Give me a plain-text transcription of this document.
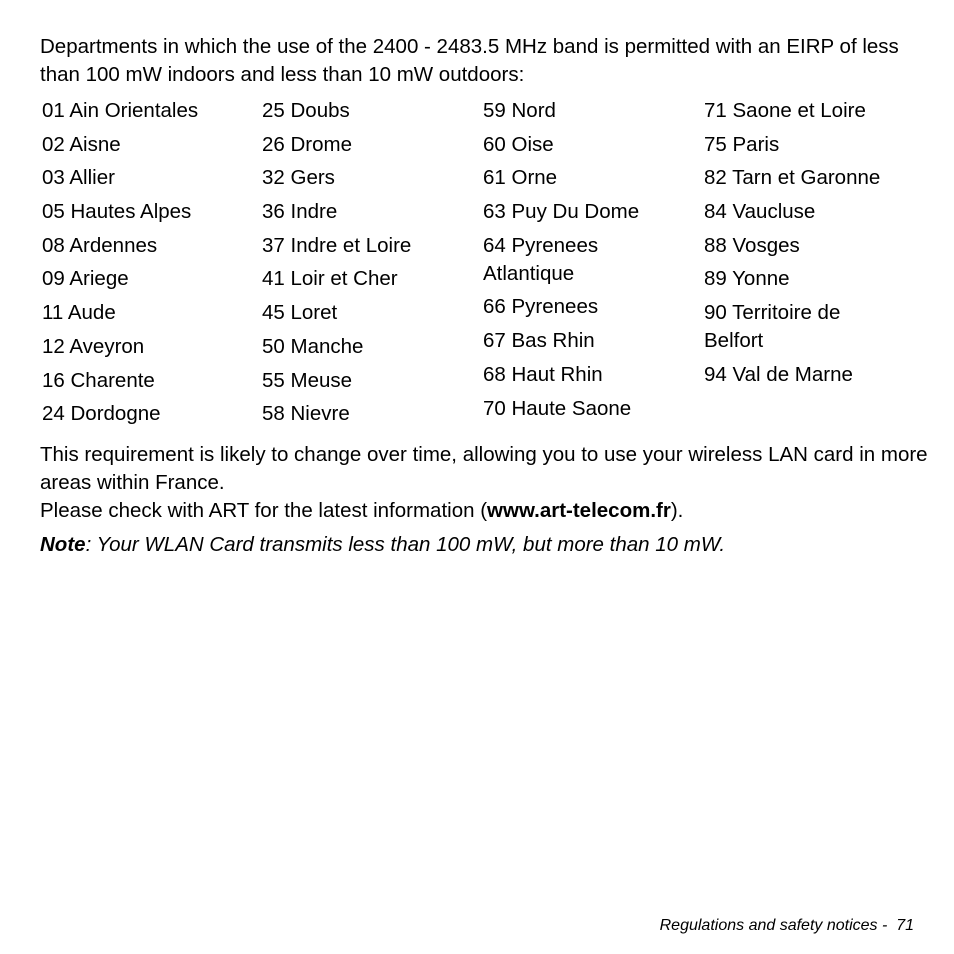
Departments in which the use of the 2400 - 2483.5 MHz band is permitted with an EIRP of less than 100 mW indoors and less than 10 mW outdoors:

01 Ain Orientales
02 Aisne
03 Allier
05 Hautes Alpes
08 Ardennes
09 Ariege
11 Aude
12 Aveyron
16 Charente
24 Dordogne
25 Doubs
26 Drome
32 Gers
36 Indre
37 Indre et Loire
41 Loir et Cher
45 Loret
50 Manche
55 Meuse
58 Nievre
59 Nord
60 Oise
61 Orne
63 Puy Du Dome
64 Pyrenees Atlantique
66 Pyrenees
67 Bas Rhin
68 Haut Rhin
70 Haute Saone
71 Saone et Loire
75 Paris
82 Tarn et Garonne
84 Vaucluse
88 Vosges
89 Yonne
90 Territoire de Belfort
94 Val de Marne

This requirement is likely to change over time, allowing you to use your wireless LAN card in more areas within France.

Please check with ART for the latest information (www.art-telecom.fr).

Note: Your WLAN Card transmits less than 100 mW, but more than 10 mW.

Regulations and safety notices -  71
